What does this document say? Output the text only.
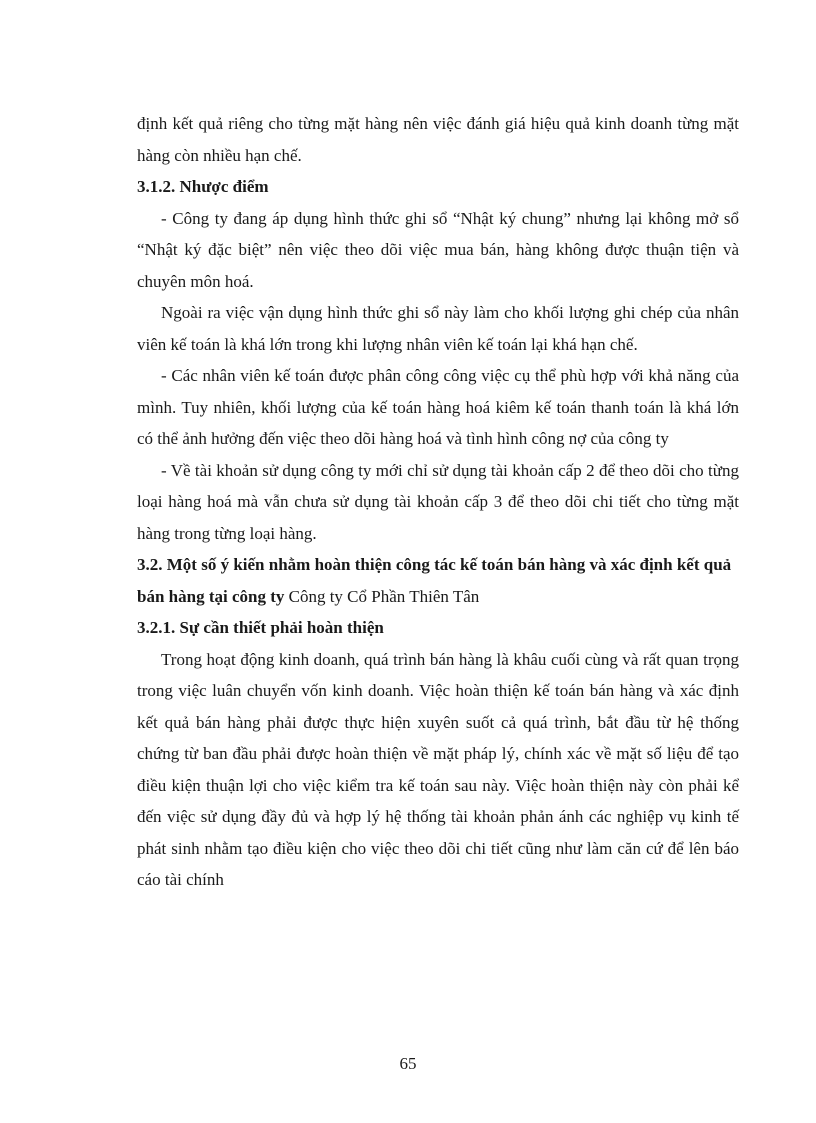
định kết quả riêng cho từng mặt hàng nên việc đánh giá hiệu quả kinh doanh từng mặt hàng còn nhiều hạn chế.

3.1.2. Nhược điểm

- Công ty đang áp dụng hình thức ghi sổ “Nhật ký chung” nhưng lại không mở sổ “Nhật ký đặc biệt” nên việc theo dõi việc mua bán, hàng không được thuận tiện và chuyên môn hoá.

Ngoài ra việc vận dụng hình thức ghi sổ này làm cho khối lượng ghi chép của nhân viên kế toán là khá lớn trong khi lượng nhân viên kế toán lại khá hạn chế.

- Các nhân viên kế toán được phân công công việc cụ thể phù hợp với khả năng của mình. Tuy nhiên, khối lượng của kế toán hàng hoá kiêm kế toán thanh toán là khá lớn có thể ảnh hưởng đến việc theo dõi hàng hoá và tình hình công nợ của công ty

- Về tài khoản sử dụng công ty mới chỉ sử dụng tài khoản cấp 2 để theo dõi cho từng loại hàng hoá mà vẫn chưa sử dụng tài khoản cấp 3 để theo dõi chi tiết cho từng mặt hàng trong từng loại hàng.

3.2. Một số ý kiến nhằm hoàn thiện công tác kế toán bán hàng và xác định kết quả bán hàng tại công ty Công ty Cổ Phần Thiên Tân

3.2.1. Sự cần thiết phải hoàn thiện

Trong hoạt động kinh doanh, quá trình bán hàng là khâu cuối cùng và rất quan trọng trong việc luân chuyển vốn kinh doanh. Việc hoàn thiện kế toán bán hàng và xác định kết quả bán hàng phải được thực hiện xuyên suốt cả quá trình, bắt đầu từ hệ thống chứng từ ban đầu phải được hoàn thiện về mặt pháp lý, chính xác về mặt số liệu để tạo điều kiện thuận lợi cho việc kiểm tra kế toán sau này. Việc hoàn thiện này còn phải kể đến việc sử dụng đầy đủ và hợp lý hệ thống tài khoản phản ánh các nghiệp vụ kinh tế phát sinh nhằm tạo điều kiện cho việc theo dõi chi tiết cũng như làm căn cứ để lên báo cáo tài chính

65
